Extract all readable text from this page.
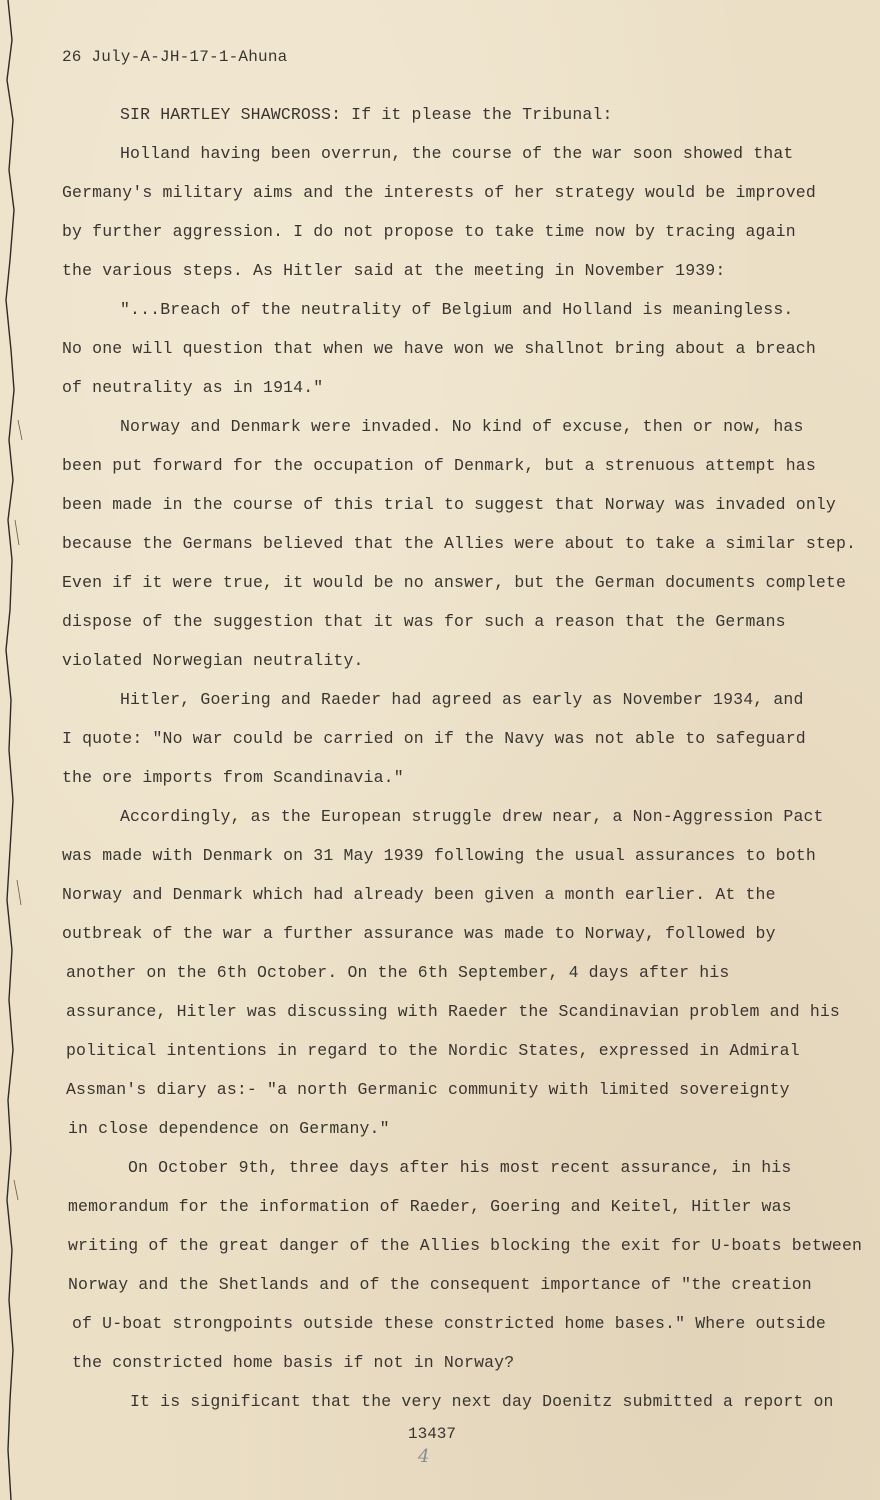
26 July-A-JH-17-1-Ahuna
SIR HARTLEY SHAWCROSS: If it please the Tribunal:
Holland having been overrun, the course of the war soon showed that
Germany's military aims and the interests of her strategy would be improved
by further aggression. I do not propose to take time now by tracing again
the various steps. As Hitler said at the meeting in November 1939:
"...Breach of the neutrality of Belgium and Holland is meaningless.
No one will question that when we have won we shallnot bring about a breach
of neutrality as in 1914."
Norway and Denmark were invaded. No kind of excuse, then or now, has
been put forward for the occupation of Denmark, but a strenuous attempt has
been made in the course of this trial to suggest that Norway was invaded only
because the Germans believed that the Allies were about to take a similar step.
Even if it were true, it would be no answer, but the German documents complete
dispose of the suggestion that it was for such a reason that the Germans
violated Norwegian neutrality.
Hitler, Goering and Raeder had agreed as early as November 1934, and
I quote: "No war could be carried on if the Navy was not able to safeguard
the ore imports from Scandinavia."
Accordingly, as the European struggle drew near, a Non-Aggression Pact
was made with Denmark on 31 May 1939 following the usual assurances to both
Norway and Denmark which had already been given a month earlier. At the
outbreak of the war a further assurance was made to Norway, followed by
another on the 6th October. On the 6th September, 4 days after his
assurance, Hitler was discussing with Raeder the Scandinavian problem and his
political intentions in regard to the Nordic States, expressed in Admiral
Assman's diary as:- "a north Germanic community with limited sovereignty
in close dependence on Germany."
On October 9th, three days after his most recent assurance, in his
memorandum for the information of Raeder, Goering and Keitel, Hitler was
writing of the great danger of the Allies blocking the exit for U-boats between
Norway and the Shetlands and of the consequent importance of "the creation
of U-boat strongpoints outside these constricted home bases." Where outside
the constricted home basis if not in Norway?
It is significant that the very next day Doenitz submitted a report on
13437
4
